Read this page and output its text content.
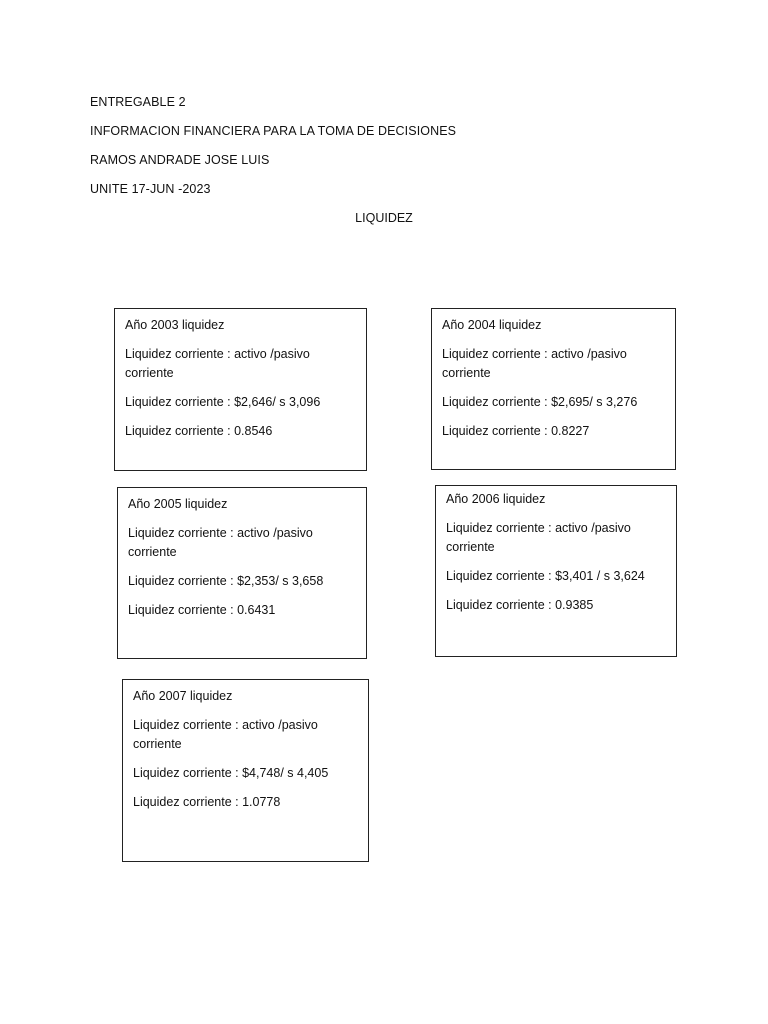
ENTREGABLE 2
INFORMACION FINANCIERA PARA LA TOMA DE DECISIONES
RAMOS ANDRADE JOSE LUIS
UNITE 17-JUN -2023
LIQUIDEZ

Año 2003 liquidez

Liquidez corriente : activo /pasivo

corriente

Liquidez corriente : $2,646/ s 3,096

Liquidez corriente : 0.8546

Año 2004 liquidez

Liquidez corriente : activo /pasivo

corriente

Liquidez corriente : $2,695/ s 3,276

Liquidez corriente : 0.8227

Año 2005 liquidez

Liquidez corriente : activo /pasivo

corriente

Liquidez corriente : $2,353/ s 3,658

Liquidez corriente : 0.6431

Año 2006 liquidez

Liquidez corriente : activo /pasivo

corriente

Liquidez corriente : $3,401 / s 3,624

Liquidez corriente : 0.9385

Año 2007 liquidez

Liquidez corriente : activo /pasivo

corriente

Liquidez corriente : $4,748/ s 4,405

Liquidez corriente : 1.0778
